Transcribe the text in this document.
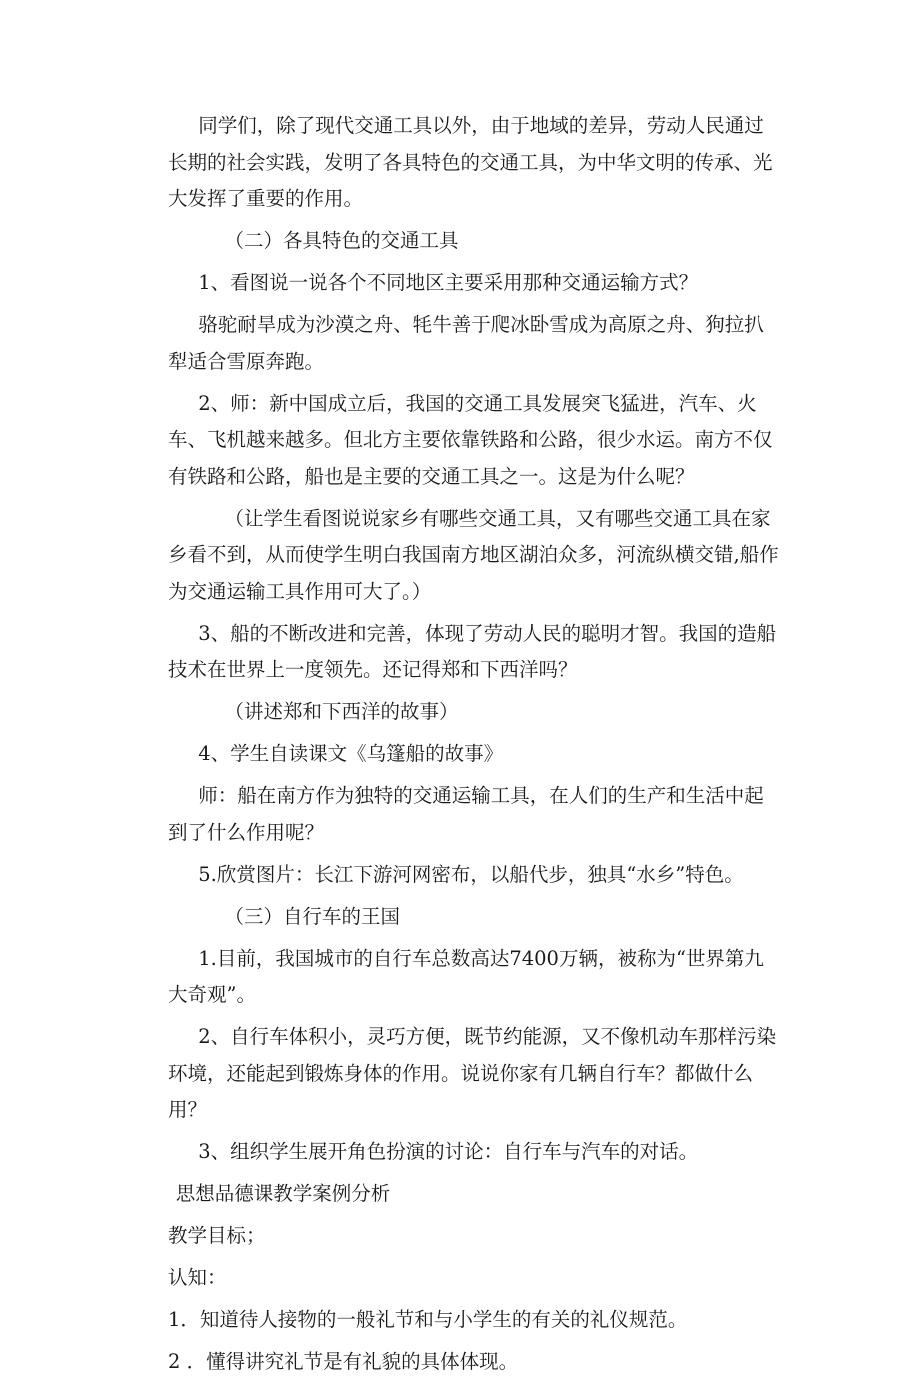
同学们，除了现代交通工具以外，由于地域的差异，劳动人民通过长期的社会实践，发明了各具特色的交通工具，为中华文明的传承、光大发挥了重要的作用。

（二）各具特色的交通工具

1、看图说一说各个不同地区主要采用那种交通运输方式？

骆驼耐旱成为沙漠之舟、牦牛善于爬冰卧雪成为高原之舟、狗拉扒犁适合雪原奔跑。

2、师：新中国成立后，我国的交通工具发展突飞猛进，汽车、火车、飞机越来越多。但北方主要依靠铁路和公路，很少水运。南方不仅有铁路和公路，船也是主要的交通工具之一。这是为什么呢？

（让学生看图说说家乡有哪些交通工具，又有哪些交通工具在家乡看不到，从而使学生明白我国南方地区湖泊众多，河流纵横交错,船作为交通运输工具作用可大了。）

3、船的不断改进和完善，体现了劳动人民的聪明才智。我国的造船技术在世界上一度领先。还记得郑和下西洋吗？

（讲述郑和下西洋的故事）

4、学生自读课文《乌篷船的故事》

师：船在南方作为独特的交通运输工具，在人们的生产和生活中起到了什么作用呢？

5.欣赏图片：长江下游河网密布，以船代步，独具“水乡”特色。

（三）自行车的王国

1.目前，我国城市的自行车总数高达7400万辆，被称为“世界第九大奇观”。

2、自行车体积小，灵巧方便，既节约能源，又不像机动车那样污染环境，还能起到锻炼身体的作用。说说你家有几辆自行车？都做什么用？

3、组织学生展开角色扮演的讨论：自行车与汽车的对话。

思想品德课教学案例分析

教学目标；

认知：

1．知道待人接物的一般礼节和与小学生的有关的礼仪规范。

2 ．懂得讲究礼节是有礼貌的具体体现。
